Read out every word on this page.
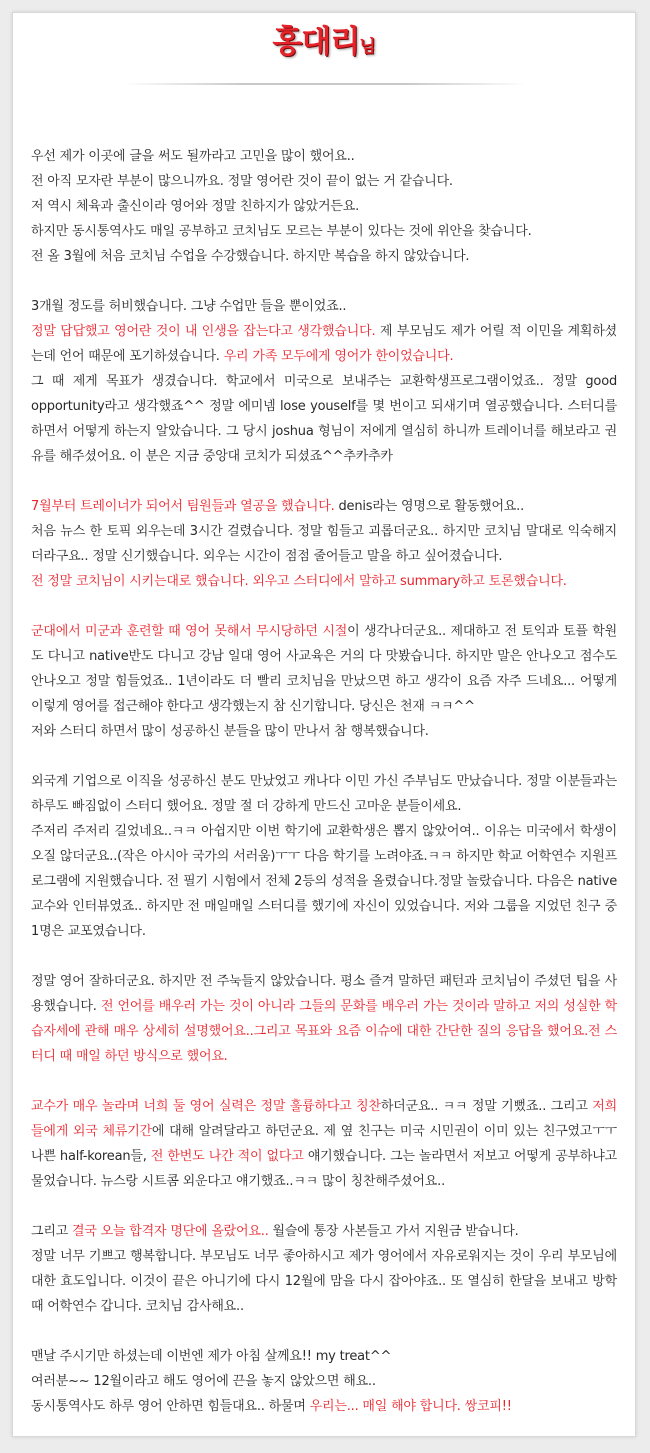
홍대리님

우선 제가 이곳에 글을 써도 될까라고 고민을 많이 했어요..
전 아직 모자란 부분이 많으니까요. 정말 영어란 것이 끝이 없는 거 같습니다.
저 역시 체육과 출신이라 영어와 정말 친하지가 않았거든요.
하지만 동시통역사도 매일 공부하고 코치님도 모르는 부분이 있다는 것에 위안을 찾습니다.
전 올 3월에 처음 코치님 수업을 수강했습니다. 하지만 복습을 하지 않았습니다.

3개월 정도를 허비했습니다. 그냥 수업만 들을 뿐이었죠..
정말 답답했고 영어란 것이 내 인생을 잡는다고 생각했습니다. 제 부모님도 제가 어릴 적 이민을 계획하셨는데 언어 때문에 포기하셨습니다. 우리 가족 모두에게 영어가 한이었습니다.
그 때 제게 목표가 생겼습니다. 학교에서 미국으로 보내주는 교환학생프로그램이었죠.. 정말 good opportunity라고 생각했죠^^ 정말 에미넴 lose youself를 몇 번이고 되새기며 열공했습니다. 스터디를 하면서 어떻게 하는지 알았습니다. 그 당시 joshua 형님이 저에게 열심히 하니까 트레이너를 해보라고 권유를 해주셨어요. 이 분은 지금 중앙대 코치가 되셨죠^^추카추카

7월부터 트레이너가 되어서 팀원들과 열공을 했습니다. denis라는 영명으로 활동했어요..
처음 뉴스 한 토픽 외우는데 3시간 걸렸습니다. 정말 힘들고 괴롭더군요.. 하지만 코치님 말대로 익숙해지더라구요.. 정말 신기했습니다. 외우는 시간이 점점 줄어들고 말을 하고 싶어졌습니다.
전 정말 코치님이 시키는대로 했습니다. 외우고 스터디에서 말하고 summary하고 토론했습니다.

군대에서 미군과 훈련할 때 영어 못해서 무시당하던 시절이 생각나더군요.. 제대하고 전 토익과 토플 학원도 다니고 native반도 다니고 강남 일대 영어 사교육은 거의 다 맛봤습니다. 하지만 말은 안나오고 점수도 안나오고 정말 힘들었죠.. 1년이라도 더 빨리 코치님을 만났으면 하고 생각이 요즘 자주 드네요... 어떻게 이렇게 영어를 접근해야 한다고 생각했는지 참 신기합니다. 당신은 천재 ㅋㅋ^^
저와 스터디 하면서 많이 성공하신 분들을 많이 만나서 참 행복했습니다.

외국계 기업으로 이직을 성공하신 분도 만났었고 캐나다 이민 가신 주부님도 만났습니다. 정말 이분들과는 하루도 빠짐없이 스터디 했어요. 정말 절 더 강하게 만드신 고마운 분들이세요.
주저리 주저리 길었네요..ㅋㅋ 아쉽지만 이번 학기에 교환학생은 뽑지 않았어여.. 이유는 미국에서 학생이 오질 않더군요..(작은 아시아 국가의 서러움)ㅜㅜ 다음 학기를 노려야죠.ㅋㅋ 하지만 학교 어학연수 지원프로그램에 지원했습니다. 전 필기 시험에서 전체 2등의 성적을 올렸습니다.정말 놀랐습니다. 다음은 native 교수와 인터뷰였죠.. 하지만 전 매일매일 스터디를 했기에 자신이 있었습니다. 저와 그룹을 지었던 친구 중 1명은 교포였습니다.

정말 영어 잘하더군요. 하지만 전 주눅들지 않았습니다. 평소 즐겨 말하던 패턴과 코치님이 주셨던 팁을 사용했습니다. 전 언어를 배우러 가는 것이 아니라 그들의 문화를 배우러 가는 것이라 말하고 저의 성실한 학습자세에 관해 매우 상세히 설명했어요..그리고 목표와 요즘 이슈에 대한 간단한 질의 응답을 했어요.전 스터디 때 매일 하던 방식으로 했어요.

교수가 매우 놀라며 너희 둘 영어 실력은 정말 훌륭하다고 칭찬하더군요.. ㅋㅋ 정말 기뻤죠.. 그리고 저희들에게 외국 체류기간에 대해 알려달라고 하던군요. 제 옆 친구는 미국 시민권이 이미 있는 친구였고ㅜㅜ 나쁜 half-korean들, 전 한번도 나간 적이 없다고 얘기했습니다. 그는 놀라면서 저보고 어떻게 공부하냐고 물었습니다. 뉴스랑 시트콤 외운다고 얘기했죠..ㅋㅋ 많이 칭찬해주셨어요..

그리고 결국 오늘 합격자 명단에 올랐어요.. 월슬에 통장 사본들고 가서 지원금 받습니다.
정말 너무 기쁘고 행복합니다. 부모님도 너무 좋아하시고 제가 영어에서 자유로워지는 것이 우리 부모님에 대한 효도입니다. 이것이 끝은 아니기에 다시 12월에 맘을 다시 잡아야죠.. 또 열심히 한달을 보내고 방학 때 어학연수 갑니다. 코치님 감사해요..

맨날 주시기만 하셨는데 이번엔 제가 아침 살께요!! my treat^^
여러분~~ 12월이라고 해도 영어에 끈을 놓지 않았으면 해요..
동시통역사도 하루 영어 안하면 힘들대요.. 하물며 우리는... 매일 해야 합니다. 쌍코피!!
